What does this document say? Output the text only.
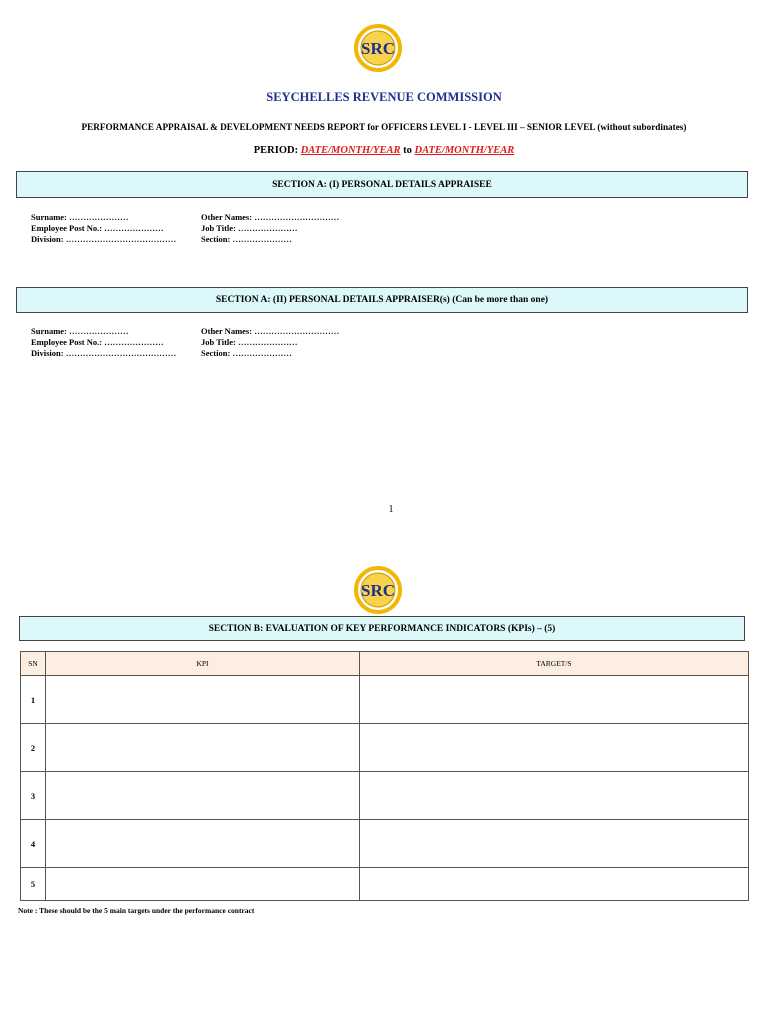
SRC
SEYCHELLES REVENUE COMMISSION
PERFORMANCE APPRAISAL & DEVELOPMENT NEEDS REPORT for OFFICERS LEVEL I - LEVEL III – SENIOR LEVEL (without subordinates)
PERIOD: DATE/MONTH/YEAR to DATE/MONTH/YEAR
SECTION A: (I) PERSONAL DETAILS APPRAISEE
Surname: …………………	Other Names: …………………………
Employee Post No.: …………………	Job Title: …………………
Division: …………………………………	Section: …………………
SECTION A: (II) PERSONAL DETAILS APPRAISER(s) (Can be more than one)
Surname: …………………	Other Names: …………………………
Employee Post No.: …………………	Job Title: …………………
Division: …………………………………	Section: …………………
1
SRC
SECTION B: EVALUATION OF KEY PERFORMANCE INDICATORS (KPIs) – (5)
SN	KPI	TARGET/S
1		
2		
3		
4		
5		
Note : These should be the 5 main targets under the performance contract
